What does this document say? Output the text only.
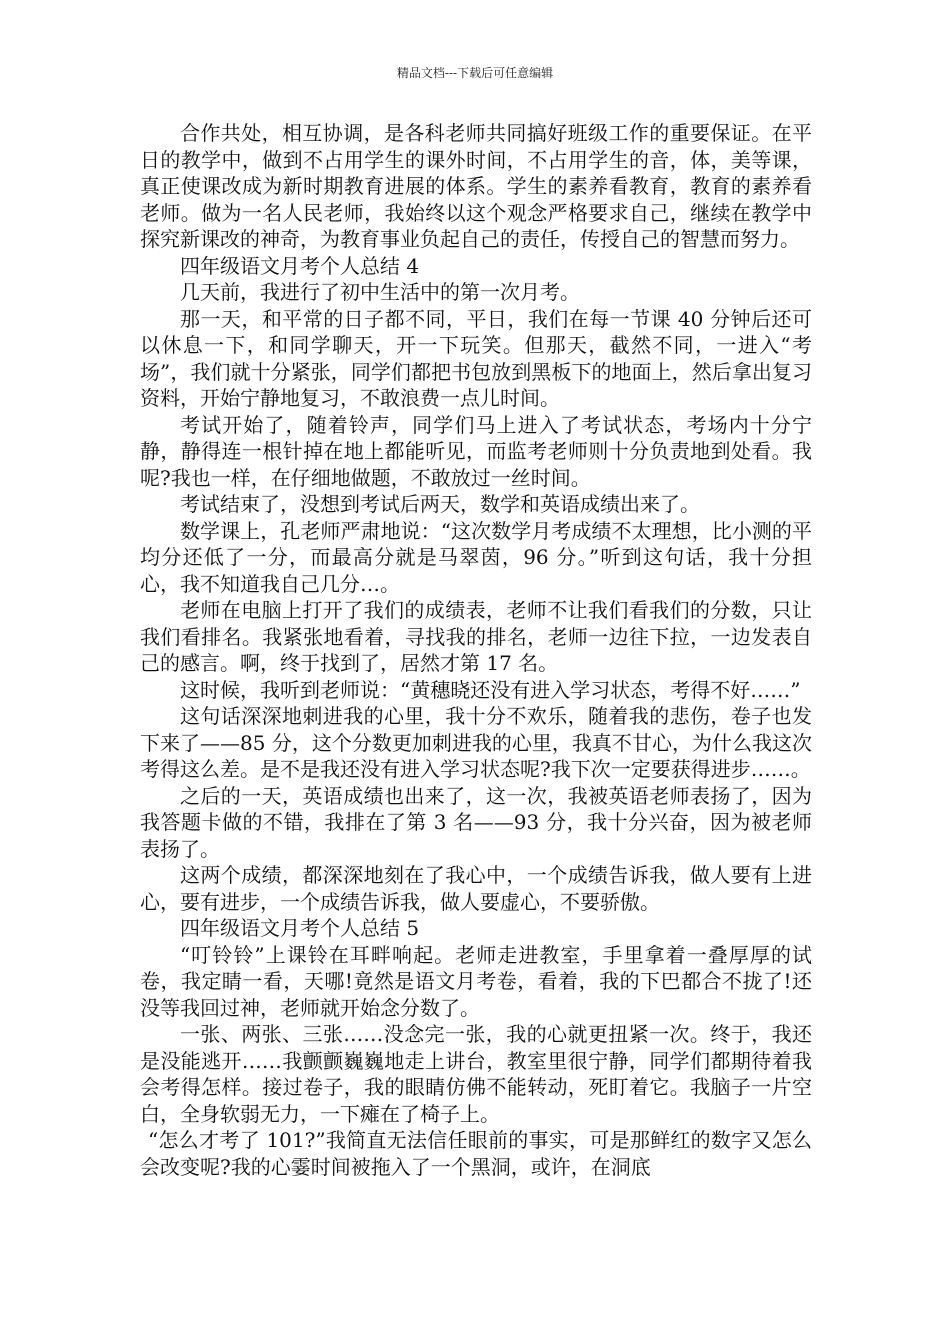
精品文档---下载后可任意编辑

合作共处，相互协调，是各科老师共同搞好班级工作的重要保证。在平日的教学中，做到不占用学生的课外时间，不占用学生的音，体，美等课，真正使课改成为新时期教育进展的体系。学生的素养看教育，教育的素养看老师。做为一名人民老师，我始终以这个观念严格要求自己，继续在教学中探究新课改的神奇，为教育事业负起自己的责任，传授自己的智慧而努力。

四年级语文月考个人总结 4

几天前，我进行了初中生活中的第一次月考。

那一天，和平常的日子都不同，平日，我们在每一节课 40 分钟后还可以休息一下，和同学聊天，开一下玩笑。但那天，截然不同，一进入“考场”，我们就十分紧张，同学们都把书包放到黑板下的地面上，然后拿出复习资料，开始宁静地复习，不敢浪费一点儿时间。

考试开始了，随着铃声，同学们马上进入了考试状态，考场内十分宁静，静得连一根针掉在地上都能听见，而监考老师则十分负责地到处看。我呢?我也一样，在仔细地做题，不敢放过一丝时间。

考试结束了，没想到考试后两天，数学和英语成绩出来了。

数学课上，孔老师严肃地说：“这次数学月考成绩不太理想，比小测的平均分还低了一分，而最高分就是马翠茵，96 分。”听到这句话，我十分担心，我不知道我自己几分…。

老师在电脑上打开了我们的成绩表，老师不让我们看我们的分数，只让我们看排名。我紧张地看着，寻找我的排名，老师一边往下拉，一边发表自己的感言。啊，终于找到了，居然才第 17 名。

这时候，我听到老师说：“黄穗晓还没有进入学习状态，考得不好……”

这句话深深地刺进我的心里，我十分不欢乐，随着我的悲伤，卷子也发下来了——85 分，这个分数更加刺进我的心里，我真不甘心，为什么我这次考得这么差。是不是我还没有进入学习状态呢?我下次一定要获得进步……。

之后的一天，英语成绩也出来了，这一次，我被英语老师表扬了，因为我答题卡做的不错，我排在了第 3 名——93 分，我十分兴奋，因为被老师表扬了。

这两个成绩，都深深地刻在了我心中，一个成绩告诉我，做人要有上进心，要有进步，一个成绩告诉我，做人要虚心，不要骄傲。

四年级语文月考个人总结 5

“叮铃铃”上课铃在耳畔响起。老师走进教室，手里拿着一叠厚厚的试卷，我定睛一看，天哪!竟然是语文月考卷，看着，我的下巴都合不拢了!还没等我回过神，老师就开始念分数了。

一张、两张、三张……没念完一张，我的心就更扭紧一次。终于，我还是没能逃开……我颤颤巍巍地走上讲台，教室里很宁静，同学们都期待着我会考得怎样。接过卷子，我的眼睛仿佛不能转动，死盯着它。我脑子一片空白，全身软弱无力，一下瘫在了椅子上。

“怎么才考了 101?”我简直无法信任眼前的事实，可是那鲜红的数字又怎么会改变呢?我的心霎时间被拖入了一个黑洞，或许，在洞底
